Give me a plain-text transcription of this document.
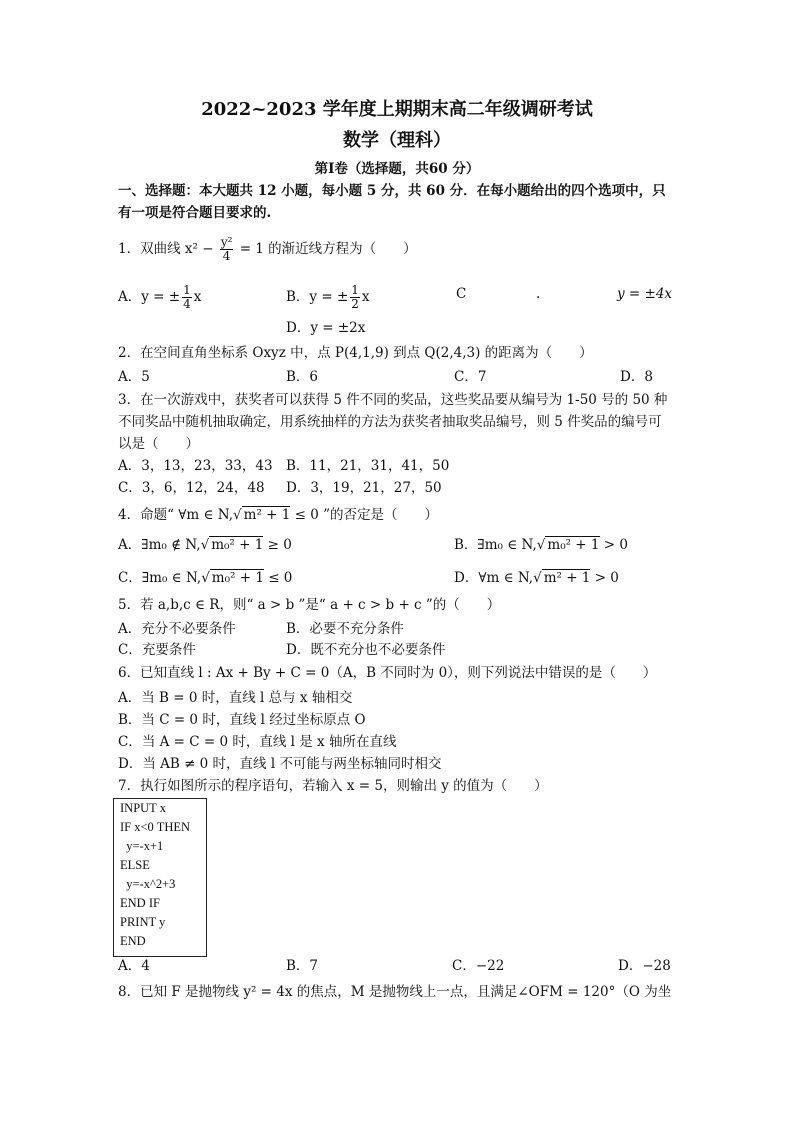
2022~2023 学年度上期期末高二年级调研考试
数学（理科）
第Ⅰ卷（选择题，共60 分）
一、选择题：本大题共 12 小题，每小题 5 分，共 60 分．在每小题给出的四个选项中，只
有一项是符合题目要求的.
1．双曲线 $x^2 - \frac{\text{y²}}{4} = 1$ 的渐近线方程为（　　）
A．y = ± $\frac{1}{4}$ x	B．y = ± $\frac{1}{2}$ x	C	.	y = ±4x
D．y = ±2x
2．在空间直角坐标系 Oxyz 中，点 P(4,1,9) 到点 Q(2,4,3) 的距离为（　　）
A．5	B．6	C．7	D．8
3．在一次游戏中，获奖者可以获得 5 件不同的奖品，这些奖品要从编号为 1-50 号的 50 种
不同奖品中随机抽取确定，用系统抽样的方法为获奖者抽取奖品编号，则 5 件奖品的编号可
以是（　　）
A．3，13，23，33，43 B．11，21，31，41，50
C．3，6，12，24，48 D．3，19，21，27，50
4．命题“ ∀m ∈ N,√ m² + 1 ≤ 0 ”的否定是（　　）
A．∃m₀ ∉ N,√ m₀² + 1 ≥ 0	B．∃m₀ ∈ N,√ m₀² + 1 > 0
C．∃m₀ ∈ N,√ m₀² + 1 ≤ 0	D．∀m ∈ N,√ m² + 1 > 0
5．若 a,b,c ∈ R，则“ a > b ”是“ a + c > b + c ”的（　　）
A．充分不必要条件	B．必要不充分条件
C．充要条件	D．既不充分也不必要条件
6．已知直线 l : Ax + By + C = 0（A，B 不同时为 0），则下列说法中错误的是（　　）
A．当 B = 0 时，直线 l 总与 x 轴相交
B．当 C = 0 时，直线 l 经过坐标原点 O
C．当 A = C = 0 时，直线 l 是 x 轴所在直线
D．当 AB ≠ 0 时，直线 l 不可能与两坐标轴同时相交
7．执行如图所示的程序语句，若输入 x = 5，则输出 y 的值为（　　）
INPUT x
IF x<0 THEN
y=-x+1
ELSE
y=-x^2+3
END IF
PRINT y
END
A．4	B．7	C．−22	D．−28
8．已知 F 是抛物线 y² = 4x 的焦点，M 是抛物线上一点，且满足∠OFM = 120°（O 为坐
